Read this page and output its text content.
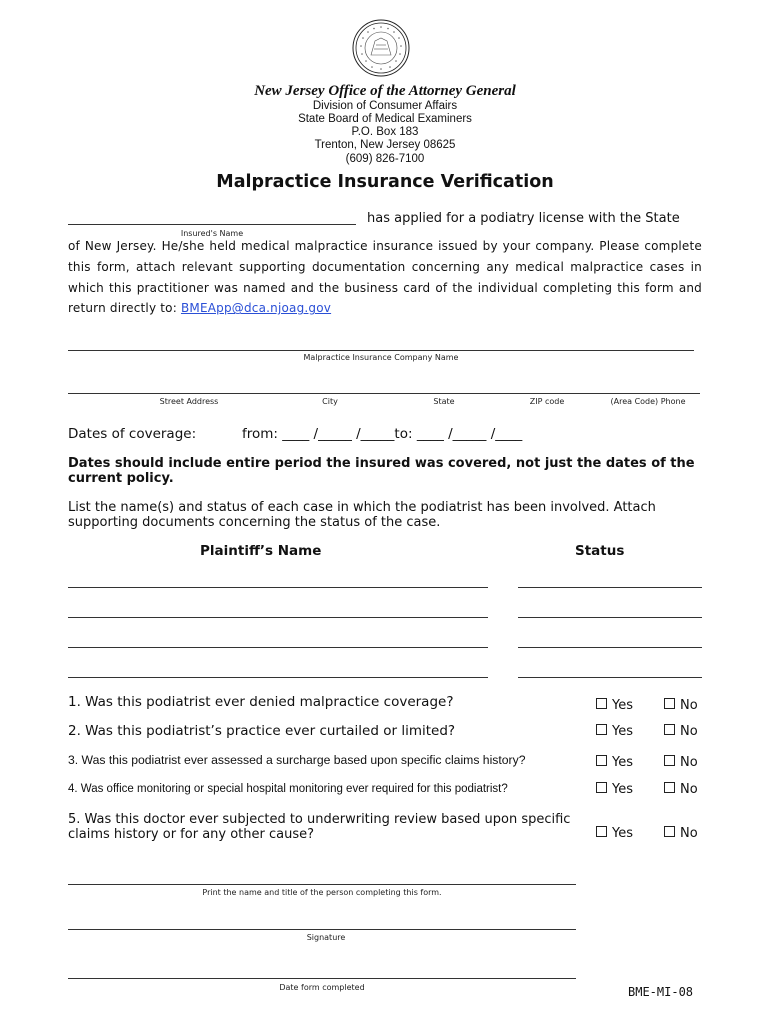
New Jersey Office of the Attorney General
Division of Consumer Affairs
State Board of Medical Examiners
P.O. Box 183
Trenton, New Jersey 08625
(609) 826-7100
Malpractice Insurance Verification
has applied for a podiatry license with the State
Insured's Name
of New Jersey. He/she held medical malpractice insurance issued by your company. Please complete this form, attach relevant supporting documentation concerning any medical malpractice cases in which this practitioner was named and the business card of the individual completing this form and return directly to: BMEApp@dca.njoag.gov
Malpractice Insurance Company Name
Street Address	City	State	ZIP code	(Area Code) Phone
Dates of coverage:	from: ____ /_____ /_____to: ____ /_____ /____
Dates should include entire period the insured was covered, not just the dates of the current policy.
List the name(s) and status of each case in which the podiatrist has been involved. Attach supporting documents concerning the status of the case.
Plaintiff’s Name	Status
1. Was this podiatrist ever denied malpractice coverage?	Yes	No
2. Was this podiatrist’s practice ever curtailed or limited?	Yes	No
3. Was this podiatrist ever assessed a surcharge based upon specific claims history?	Yes	No
4. Was office monitoring or special hospital monitoring ever required for this podiatrist?	Yes	No
5. Was this doctor ever subjected to underwriting review based upon specific claims history or for any other cause?	Yes	No
Print the name and title of the person completing this form.
Signature
Date form completed	BME-MI-08
